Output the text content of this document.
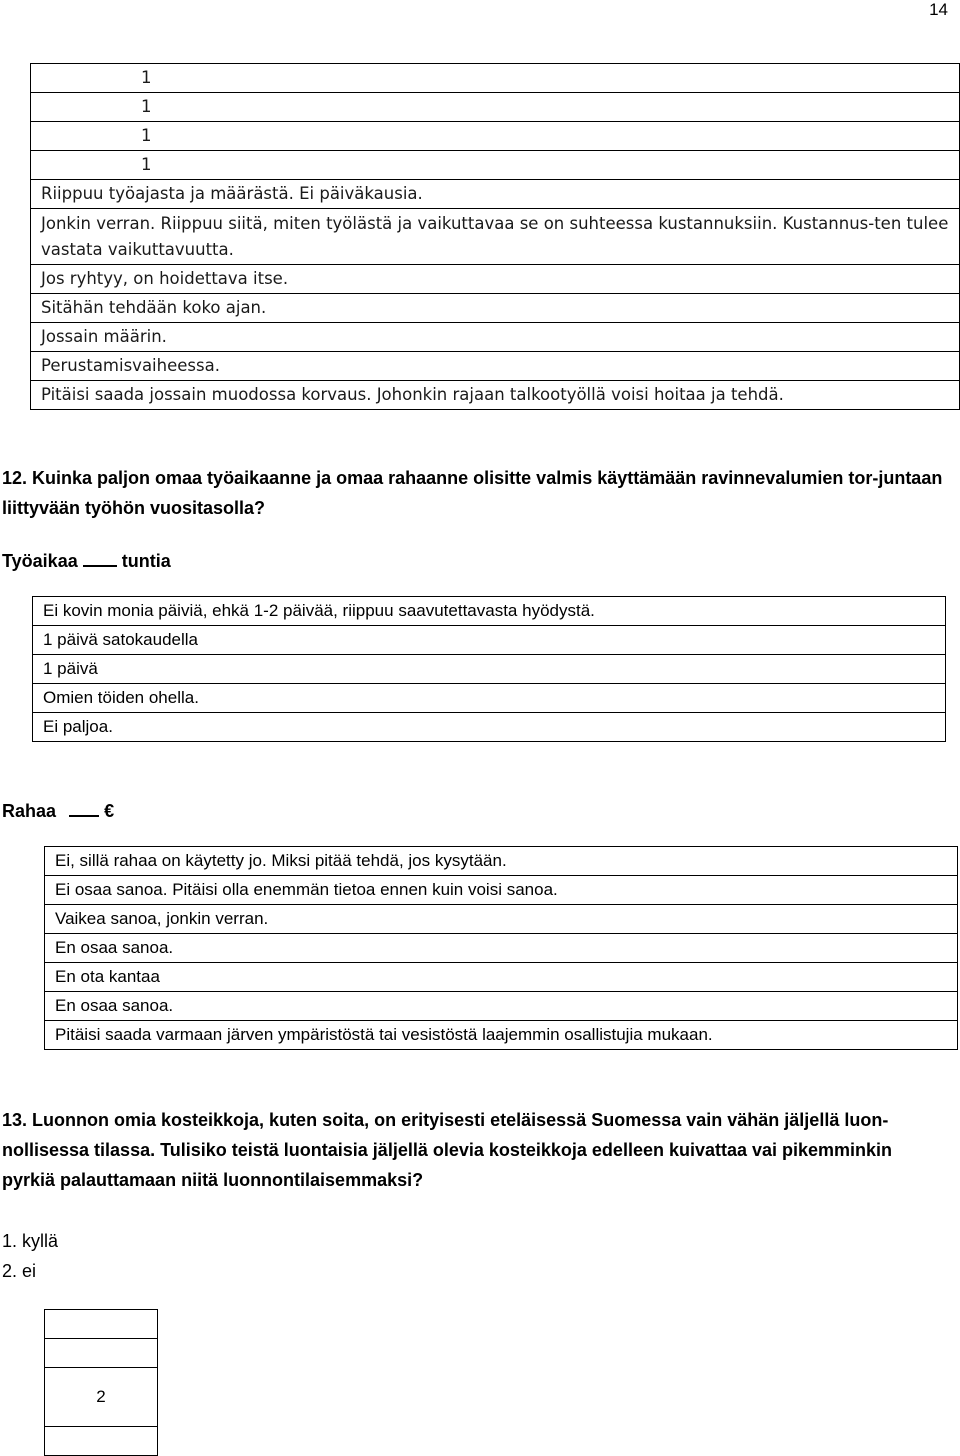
14
1
1
1
1
Riippuu työajasta ja määrästä. Ei päiväkausia.
Jonkin verran. Riippuu siitä, miten työlästä ja vaikuttavaa se on suhteessa kustannuksiin. Kustannus-ten tulee vastata vaikuttavuutta.
Jos ryhtyy, on hoidettava itse.
Sitähän tehdään koko ajan.
Jossain määrin.
Perustamisvaiheessa.
Pitäisi saada jossain muodossa korvaus. Johonkin rajaan talkootyöllä voisi hoitaa ja tehdä.
12. Kuinka paljon omaa työaikaanne ja omaa rahaanne olisitte valmis käyttämään ravinnevalumien tor-juntaan liittyvään työhön vuositasolla?
Työaikaa tuntia
Ei kovin monia päiviä, ehkä 1-2 päivää, riippuu saavutettavasta hyödystä.
1 päivä satokaudella
1 päivä
Omien töiden ohella.
Ei paljoa.
Rahaa	€
Ei, sillä rahaa on käytetty jo. Miksi pitää tehdä, jos kysytään.
Ei osaa sanoa. Pitäisi olla enemmän tietoa ennen kuin voisi sanoa.
Vaikea sanoa, jonkin verran.
En osaa sanoa.
En ota kantaa
En osaa sanoa.
Pitäisi saada varmaan järven ympäristöstä tai vesistöstä laajemmin osallistujia mukaan.
13. Luonnon omia kosteikkoja, kuten soita, on erityisesti eteläisessä Suomessa vain vähän jäljellä luon-nollisessa tilassa. Tulisiko teistä luontaisia jäljellä olevia kosteikkoja edelleen kuivattaa vai pikemminkin pyrkiä palauttamaan niitä luonnontilaisemmaksi?
1. kyllä
2. ei

2
